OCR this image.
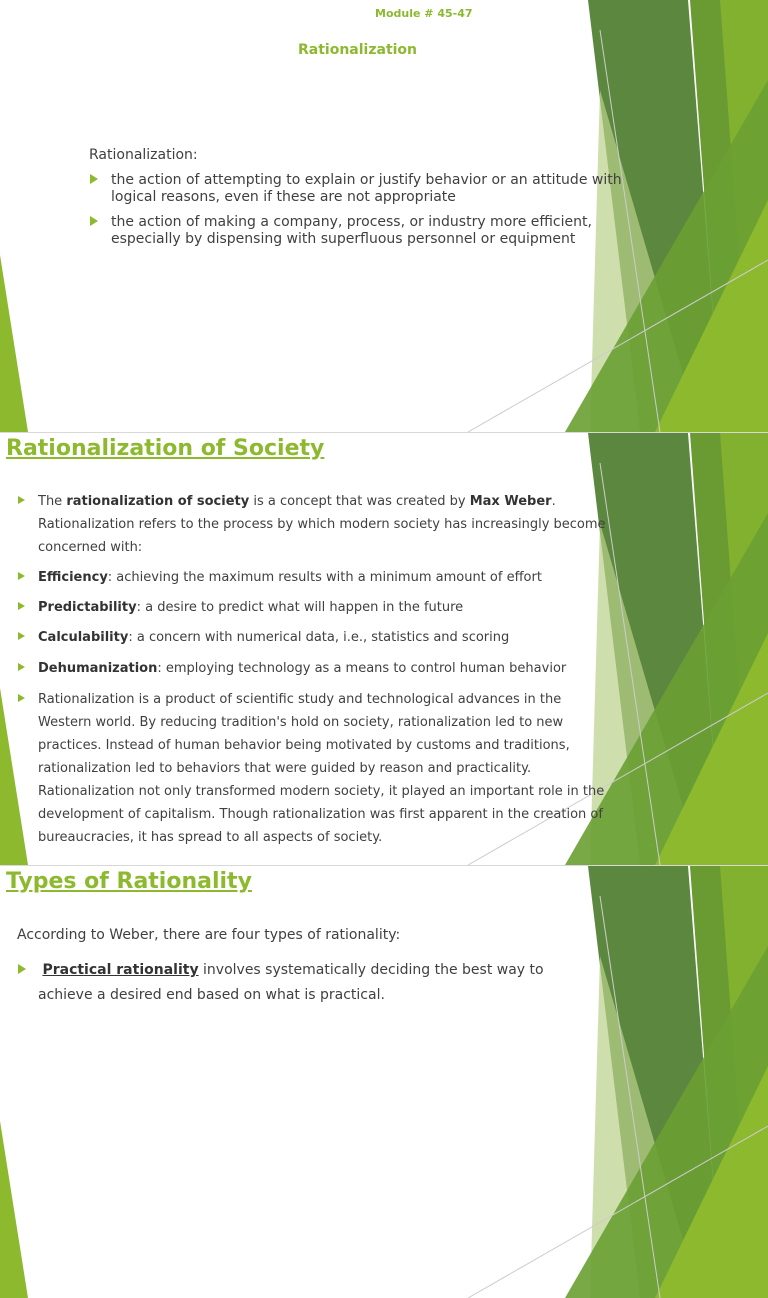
Module # 45-47
Rationalization
Rationalization:
the action of attempting to explain or justify behavior or an attitude with logical reasons, even if these are not appropriate
the action of making a company, process, or industry more efficient, especially by dispensing with superfluous personnel or equipment
Rationalization of Society
The rationalization of society is a concept that was created by Max Weber. Rationalization refers to the process by which modern society has increasingly become concerned with:
Efficiency: achieving the maximum results with a minimum amount of effort
Predictability: a desire to predict what will happen in the future
Calculability: a concern with numerical data, i.e., statistics and scoring
Dehumanization: employing technology as a means to control human behavior
Rationalization is a product of scientific study and technological advances in the Western world. By reducing tradition's hold on society, rationalization led to new practices. Instead of human behavior being motivated by customs and traditions, rationalization led to behaviors that were guided by reason and practicality. Rationalization not only transformed modern society, it played an important role in the development of capitalism. Though rationalization was first apparent in the creation of bureaucracies, it has spread to all aspects of society.
Types of Rationality
According to Weber, there are four types of rationality:
Practical rationality involves systematically deciding the best way to achieve a desired end based on what is practical.
